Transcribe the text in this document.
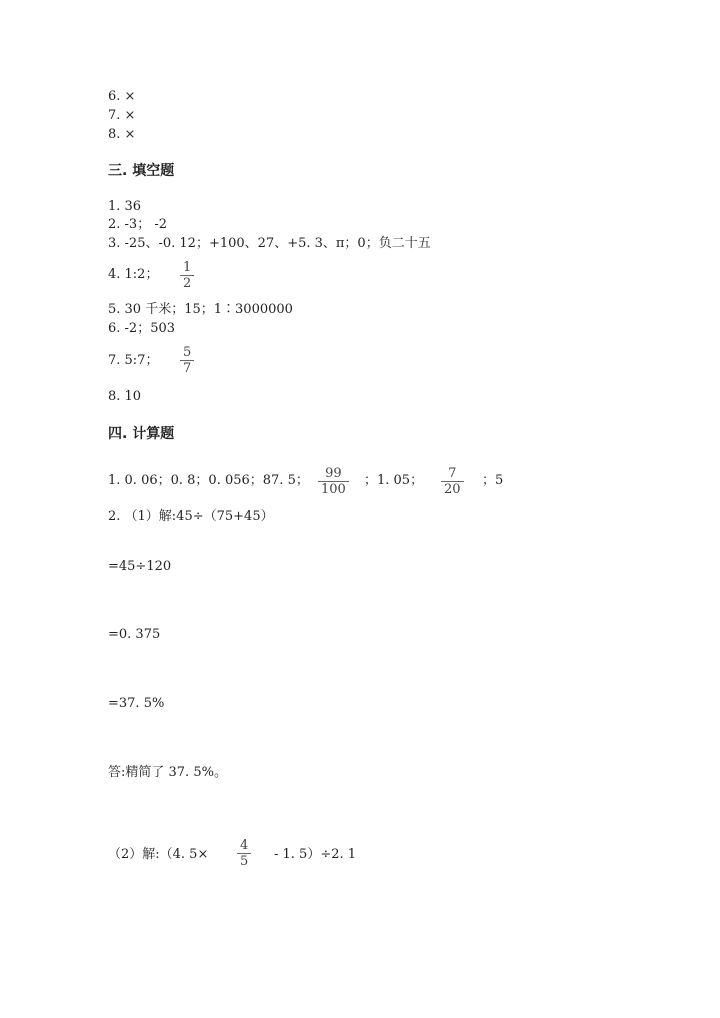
6. ×
7. ×
8. ×
三. 填空题
1. 36
2. -3； -2
3. -25、-0. 12；+100、27、+5. 3、π；0；负二十五
4. 1:2； 1
2
5. 30 千米；15；1∶3000000
6. -2；503
7. 5:7；
5
7
8. 10
四. 计算题
1. 0. 06；0. 8；0. 056；87. 5； 99
100
；1. 05； 7
20
；5
2. （1）解:45÷（75+45）
=45÷120
=0. 375
=37. 5%
答:精简了 37. 5%。
（2）解:（4. 5×
4
5 - 1. 5）÷2. 1
